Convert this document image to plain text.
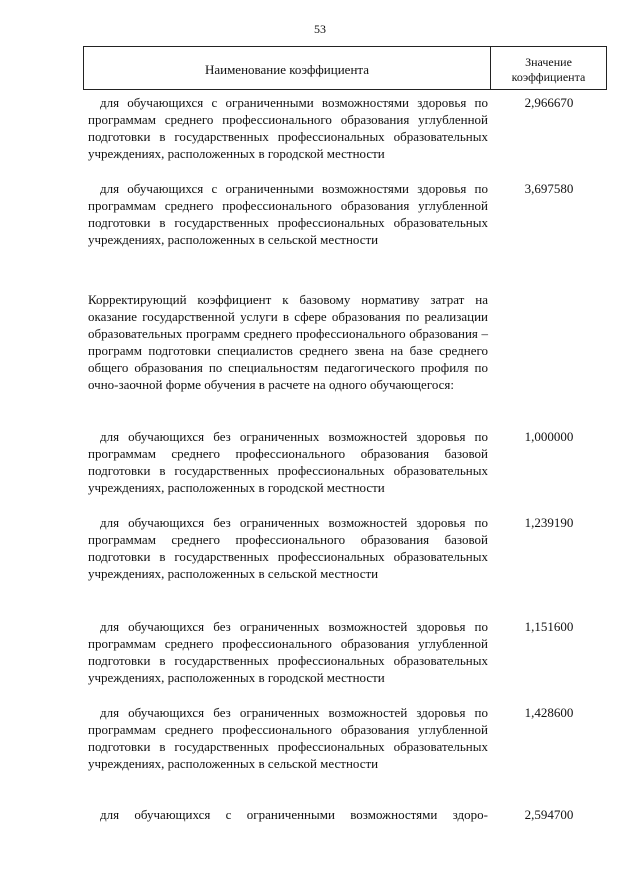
53
Наименование коэффициента	Значение
коэффициента

для обучающихся с ограниченными возможностями здоровья по программам среднего профессионального образования углубленной подготовки в государственных профессиональных образовательных учреждениях, расположенных в городской местности

2,966670

для обучающихся с ограниченными возможностями здоровья по программам среднего профессионального образования углубленной подготовки в государственных профессиональных образовательных учреждениях, расположенных в сельской местности

3,697580

Корректирующий коэффициент к базовому нормативу затрат на оказание государственной услуги в сфере образования по реализации образовательных программ среднего профессионального образования – программ подготовки специалистов среднего звена на базе среднего общего образования по специальностям педагогического профиля по очно-заочной форме обучения в расчете на одного обучающегося:

для обучающихся без ограниченных возможностей здоровья по программам среднего профессионального образования базовой подготовки в государственных профессиональных образовательных учреждениях, расположенных в городской местности

1,000000

для обучающихся без ограниченных возможностей здоровья по программам среднего профессионального образования базовой подготовки в государственных профессиональных образовательных учреждениях, расположенных в сельской местности

1,239190

для обучающихся без ограниченных возможностей здоровья по программам среднего профессионального образования углубленной подготовки в государственных профессиональных образовательных учреждениях, расположенных в городской местности

1,151600

для обучающихся без ограниченных возможностей здоровья по программам среднего профессионального образования углубленной подготовки в государственных профессиональных образовательных учреждениях, расположенных в сельской местности

1,428600

для обучающихся с ограниченными возможностями здоро-	2,594700
